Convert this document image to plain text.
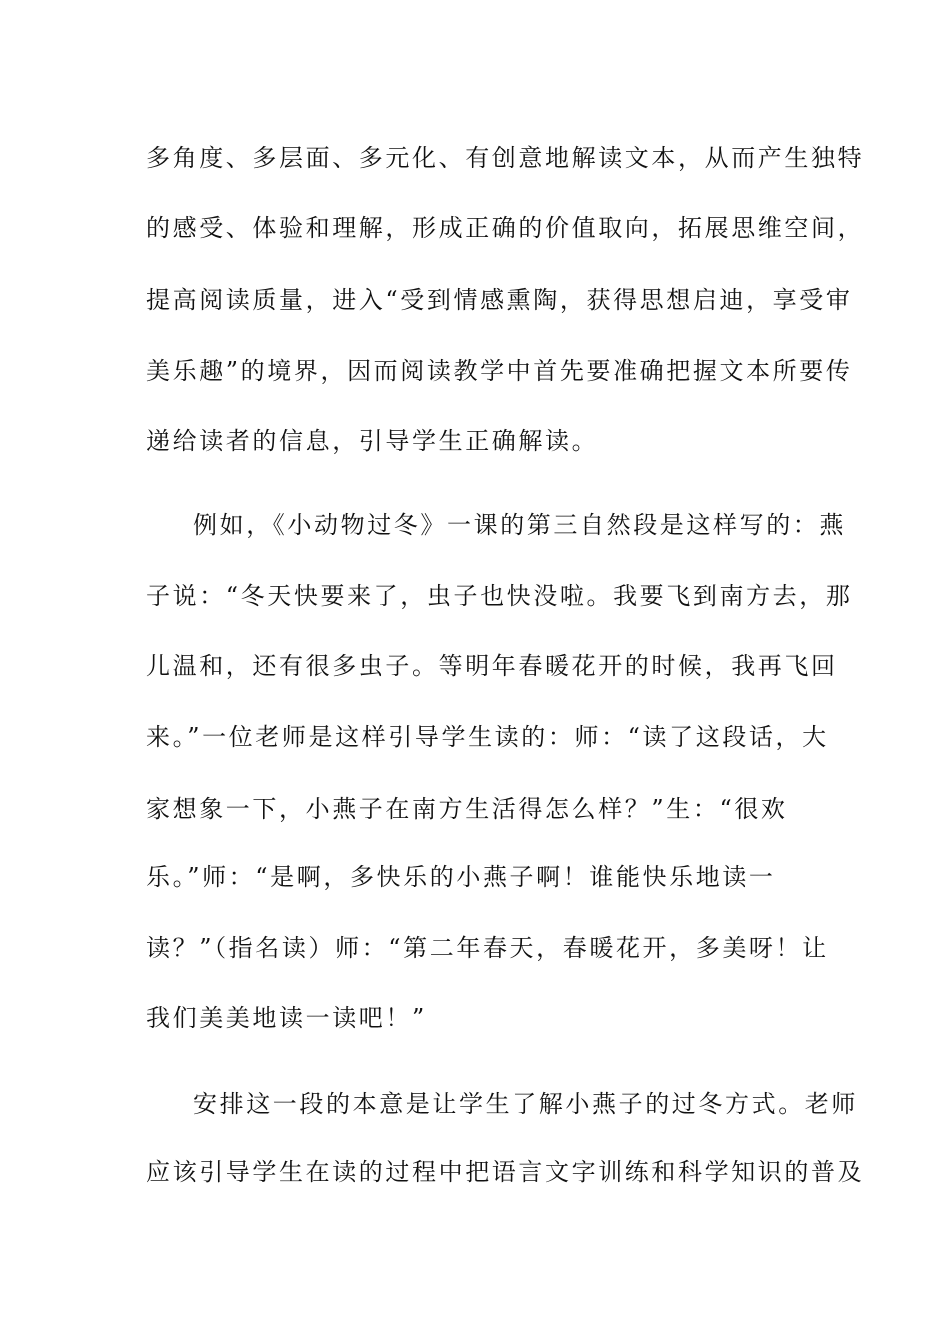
多角度、多层面、多元化、有创意地解读文本，从而产生独特
的感受、体验和理解，形成正确的价值取向，拓展思维空间，
提高阅读质量，进入“受到情感熏陶，获得思想启迪，享受审
美乐趣”的境界，因而阅读教学中首先要准确把握文本所要传
递给读者的信息，引导学生正确解读。
例如，《小动物过冬》一课的第三自然段是这样写的：燕
子说：“冬天快要来了，虫子也快没啦。我要飞到南方去，那
儿温和，还有很多虫子。等明年春暖花开的时候，我再飞回
来。”一位老师是这样引导学生读的：师：“读了这段话，大
家想象一下，小燕子在南方生活得怎么样？”生：“很欢
乐。”师：“是啊，多快乐的小燕子啊！谁能快乐地读一
读？”（指名读）师：“第二年春天，春暖花开，多美呀！让
我们美美地读一读吧！”
安排这一段的本意是让学生了解小燕子的过冬方式。老师
应该引导学生在读的过程中把语言文字训练和科学知识的普及
